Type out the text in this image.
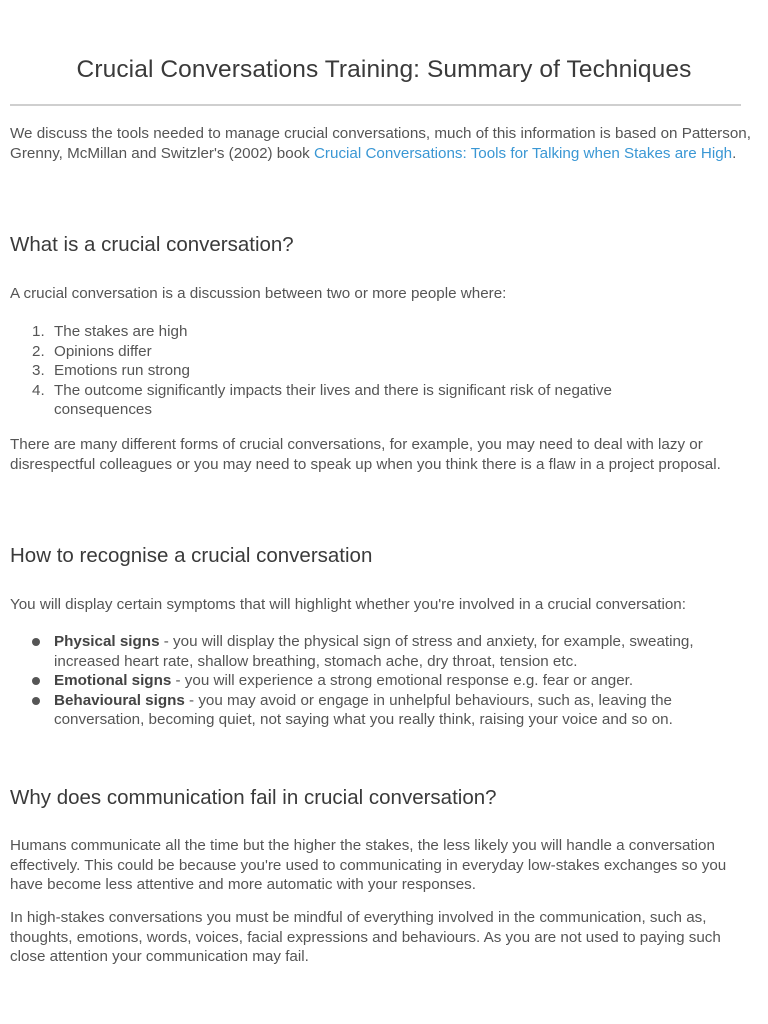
Crucial Conversations Training: Summary of Techniques

We discuss the tools needed to manage crucial conversations, much of this information is based on Patterson, Grenny, McMillan and Switzler's (2002) book Crucial Conversations: Tools for Talking when Stakes are High.

What is a crucial conversation?

A crucial conversation is a discussion between two or more people where:

1. The stakes are high
2. Opinions differ
3. Emotions run strong
4. The outcome significantly impacts their lives and there is significant risk of negative consequences

There are many different forms of crucial conversations, for example, you may need to deal with lazy or disrespectful colleagues or you may need to speak up when you think there is a flaw in a project proposal.

How to recognise a crucial conversation

You will display certain symptoms that will highlight whether you're involved in a crucial conversation:

Physical signs - you will display the physical sign of stress and anxiety, for example, sweating, increased heart rate, shallow breathing, stomach ache, dry throat, tension etc.
Emotional signs - you will experience a strong emotional response e.g. fear or anger.
Behavioural signs - you may avoid or engage in unhelpful behaviours, such as, leaving the conversation, becoming quiet, not saying what you really think, raising your voice and so on.
Why does communication fail in crucial conversation?

Humans communicate all the time but the higher the stakes, the less likely you will handle a conversation effectively. This could be because you're used to communicating in everyday low-stakes exchanges so you have become less attentive and more automatic with your responses.

In high-stakes conversations you must be mindful of everything involved in the communication, such as, thoughts, emotions, words, voices, facial expressions and behaviours. As you are not used to paying such close attention your communication may fail.
